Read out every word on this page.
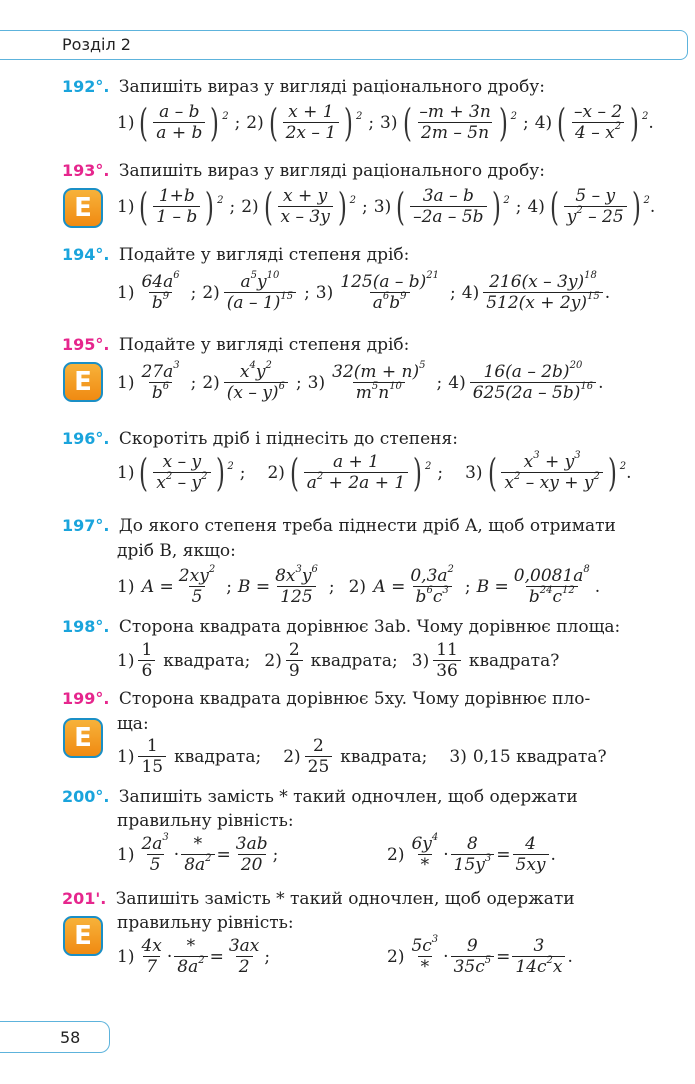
Розділ 2
192°. Запишіть вираз у вигляді раціонального дробу:
1) ( $\frac{a - b}{a + b}$ ) 2 ; 2) ( $\frac{x + 1}{2x - 1}$ ) 2 ; 3) ( $\frac{-m + 3n}{2m - 5n}$ ) 2 ; 4) ( $\frac{-x - 2}{4 - x^2}$ ) 2 .
193°. Запишіть вираз у вигляді раціонального дробу:
E 1) ( $\frac{1+b}{1 - b}$ ) 2 ; 2) ( $\frac{x + y}{x - 3y}$ ) 2 ; 3) ( $\frac{3a - b}{-2a - 5b}$ ) 2 ; 4) ( $\frac{5 - y}{y^2 - 25}$ ) 2 .
194°. Подайте у вигляді степеня дріб:
$1) \frac{64a^6}{b^9}$ ; $2) \frac{a^5y^{10}}{(a - 1)^{15}}$ ; $3) \frac{125(a - b)^{21}}{a^6b^9}$ ; $4) \frac{216(x - 3y)^{18}}{512(x + 2y)^{15}}$ .
195°. Подайте у вигляді степеня дріб:
E $1) \frac{27a^3}{b^6}$ ; $2) \frac{x^4y^2}{(x - y)^6}$ ; $3) \frac{32(m + n)^5}{m^5n^{10}}$ ; $4) \frac{16(a - 2b)^{20}}{625(2a - 5b)^{16}}$ .
196°. Скоротіть дріб і піднесіть до степеня:
1) ( $\frac{x - y}{x^2 - y^2}$ ) 2 ; 2) ( $\frac{a + 1}{a^2 + 2a + 1}$ ) 2 ; 3) ( $\frac{x^3 + y^3}{x^2 - xy + y^2}$ ) 2 .
197°. До якого степеня треба піднести дріб A, щоб отримати
дріб B, якщо:
1) $A = \frac{2xy^2}{5}$ ; $B = \frac{8x^3y^6}{125}$ ; 2) $A = \frac{0,3a^2}{b^6c^3}$ ; $B = \frac{0,0081a^8}{b^{24}c^{12}}$ .
198°. Сторона квадрата дорівнює 3ab. Чому дорівнює площа:
$1) \frac{1}{6}$ квадрата; $2) \frac{2}{9}$ квадрата; $3) \frac{11}{36}$ квадрата?
199°. Сторона квадрата дорівнює 5xy. Чому дорівнює пло-
ща:
E
$1) \frac{1}{15}$ квадрата; $2) \frac{2}{25}$ квадрата; 3) 0,15 квадрата?
200°. Запишіть замість * такий одночлен, щоб одержати
правильну рівність:
$1) \frac{2a^3}{5} \cdot \frac{*}{8a^2} = \frac{3ab}{20}$ ;	$2) \frac{6y^4}{*} \cdot \frac{8}{15y^3} = \frac{4}{5xy}$ .
201'. Запишіть замість * такий одночлен, щоб одержати
правильну рівність:
E
$1) \frac{4x}{7} \cdot \frac{*}{8a^2} = \frac{3ax}{2}$ ;	$2) \frac{5c^3}{*} \cdot \frac{9}{35c^5} = \frac{3}{14c^2x}$ .
58
